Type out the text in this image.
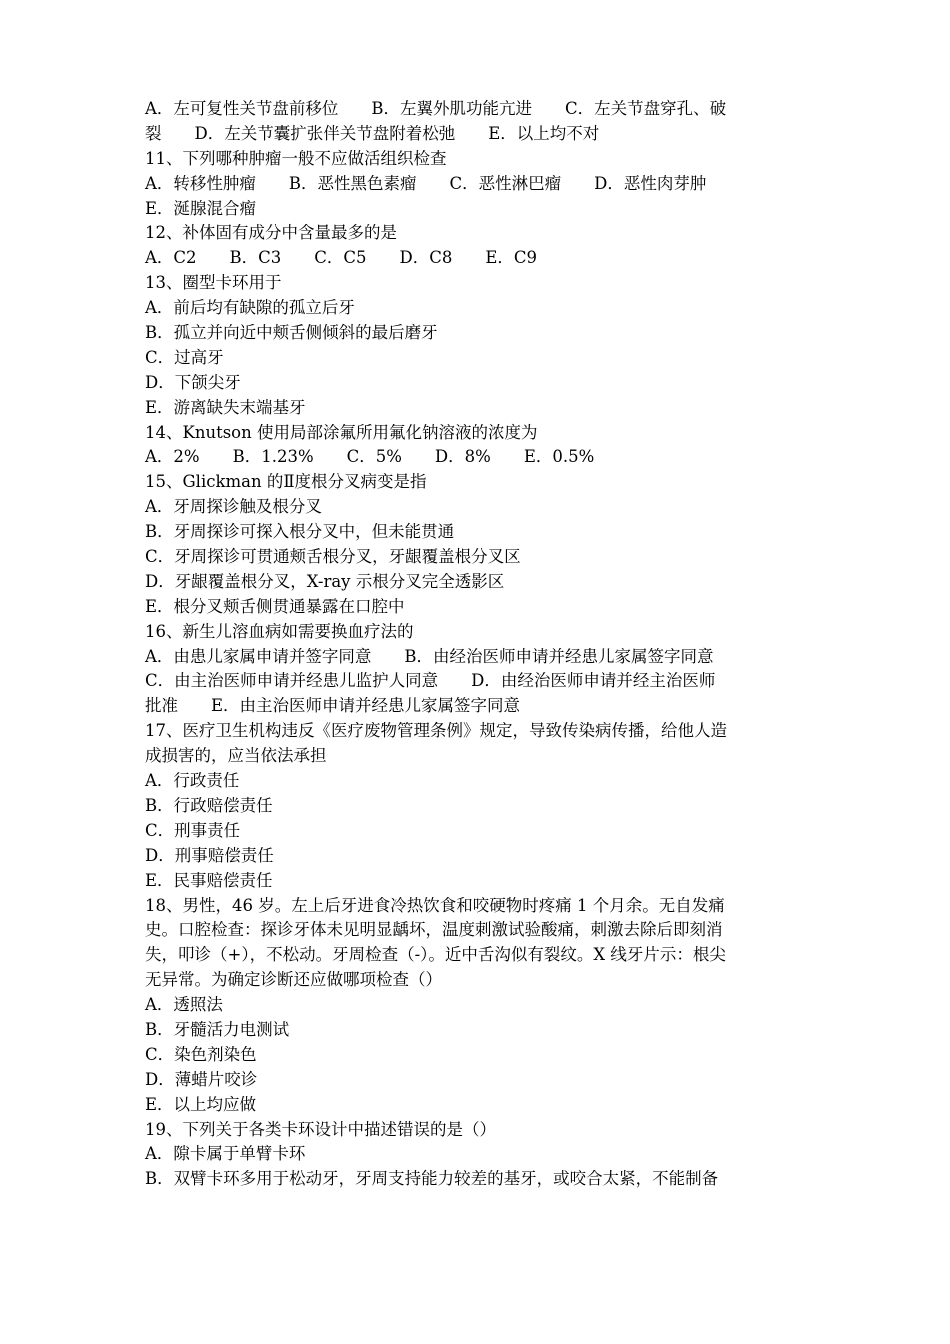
A．左可复性关节盘前移位　　B．左翼外肌功能亢进　　C．左关节盘穿孔、破
裂　　D．左关节囊扩张伴关节盘附着松弛　　E．以上均不对
11、下列哪种肿瘤一般不应做活组织检查
A．转移性肿瘤　　B．恶性黑色素瘤　　C．恶性淋巴瘤　　D．恶性肉芽肿
E．涎腺混合瘤
12、补体固有成分中含量最多的是
A．C2　　B．C3　　C．C5　　D．C8　　E．C9
13、圈型卡环用于
A．前后均有缺隙的孤立后牙
B．孤立并向近中颊舌侧倾斜的最后磨牙
C．过高牙
D．下颌尖牙
E．游离缺失末端基牙
14、Knutson 使用局部涂氟所用氟化钠溶液的浓度为
A．2%　　B．1.23%　　C．5%　　D．8%　　E．0.5%
15、Glickman 的Ⅱ度根分叉病变是指
A．牙周探诊触及根分叉
B．牙周探诊可探入根分叉中，但未能贯通
C．牙周探诊可贯通颊舌根分叉，牙龈覆盖根分叉区
D．牙龈覆盖根分叉，X-ray 示根分叉完全透影区
E．根分叉颊舌侧贯通暴露在口腔中
16、新生儿溶血病如需要换血疗法的
A．由患儿家属申请并签字同意　　B．由经治医师申请并经患儿家属签字同意
C．由主治医师申请并经患儿监护人同意　　D．由经治医师申请并经主治医师
批准　　E．由主治医师申请并经患儿家属签字同意
17、医疗卫生机构违反《医疗废物管理条例》规定，导致传染病传播，给他人造
成损害的，应当依法承担
A．行政责任
B．行政赔偿责任
C．刑事责任
D．刑事赔偿责任
E．民事赔偿责任
18、男性，46 岁。左上后牙进食冷热饮食和咬硬物时疼痛 1 个月余。无自发痛
史。口腔检查：探诊牙体未见明显龋坏，温度刺激试验酸痛，刺激去除后即刻消
失，叩诊（+），不松动。牙周检查（-）。近中舌沟似有裂纹。X 线牙片示：根尖
无异常。为确定诊断还应做哪项检查（）
A．透照法
B．牙髓活力电测试
C．染色剂染色
D．薄蜡片咬诊
E．以上均应做
19、下列关于各类卡环设计中描述错误的是（）
A．隙卡属于单臂卡环
B．双臂卡环多用于松动牙，牙周支持能力较差的基牙，或咬合太紧，不能制备
